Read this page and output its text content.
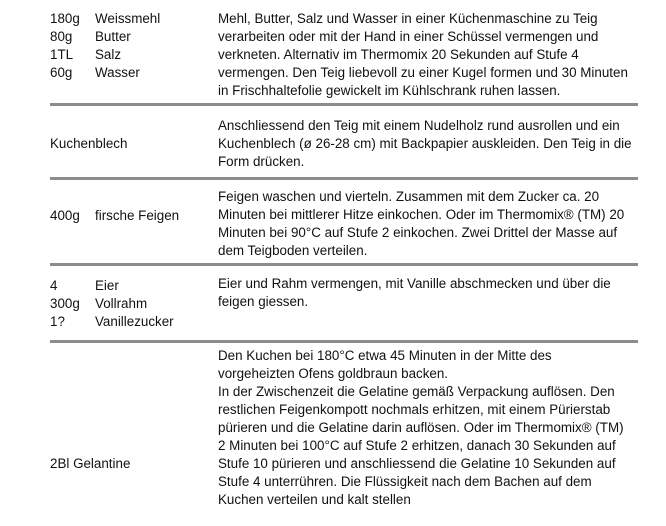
180g Weissmehl
80g Butter
1TL Salz
60g Wasser

Mehl, Butter, Salz und Wasser in einer Küchenmaschine zu Teig

verarbeiten oder mit der Hand in einer Schüssel vermengen und

verkneten. Alternativ im Thermomix 20 Sekunden auf Stufe 4

vermengen. Den Teig liebevoll zu einer Kugel formen und 30 Minuten

in Frischhaltefolie gewickelt im Kühlschrank ruhen lassen.

Kuchenblech

Anschliessend den Teig mit einem Nudelholz rund ausrollen und ein

Kuchenblech (ø 26-28 cm) mit Backpapier auskleiden. Den Teig in die

Form drücken.

400g firsche Feigen

Feigen waschen und vierteln. Zusammen mit dem Zucker ca. 20

Minuten bei mittlerer Hitze einkochen. Oder im Thermomix® (TM) 20

Minuten bei 90°C auf Stufe 2 einkochen. Zwei Drittel der Masse auf

dem Teigboden verteilen.

4	Eier
300g Vollrahm
1? Vanillezucker

Eier und Rahm vermengen, mit Vanille abschmecken und über die

feigen giessen.

2Bl Gelantine

Den Kuchen bei 180°C etwa 45 Minuten in der Mitte des

vorgeheizten Ofens goldbraun backen.

In der Zwischenzeit die Gelatine gemäß Verpackung auflösen. Den

restlichen Feigenkompott nochmals erhitzen, mit einem Pürierstab

pürieren und die Gelatine darin auflösen. Oder im Thermomix® (TM)

2 Minuten bei 100°C auf Stufe 2 erhitzen, danach 30 Sekunden auf

Stufe 10 pürieren und anschliessend die Gelatine 10 Sekunden auf

Stufe 4 unterrühren. Die Flüssigkeit nach dem Bachen auf dem

Kuchen verteilen und kalt stellen
